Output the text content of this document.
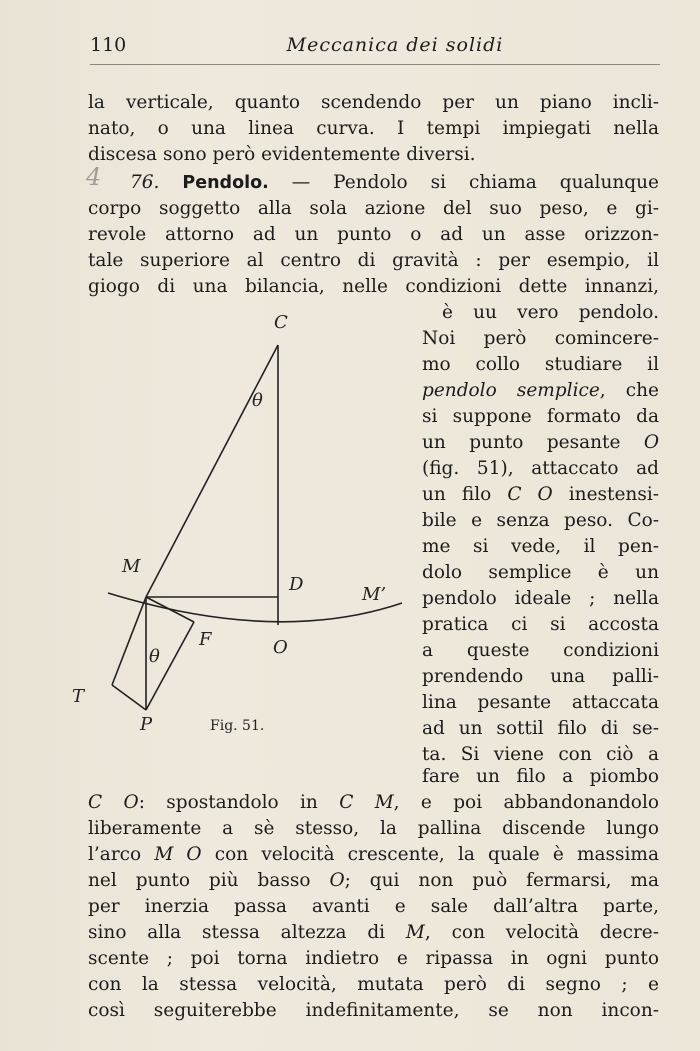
110	Meccanica dei solidi
la verticale, quanto scendendo per un piano incli-
nato, o una linea curva. I tempi impiegati nella
discesa sono però evidentemente diversi.
4 76. Pendolo. — Pendolo si chiama qualunque
corpo soggetto alla sola azione del suo peso, e gi-
revole attorno ad un punto o ad un asse orizzon-
tale superiore al centro di gravità : per esempio, il
giogo di una bilancia, nelle condizioni dette innanzi,
è uu vero pendolo.
Noi però comincere-
mo collo studiare il
pendolo semplice, che
si suppone formato da
un punto pesante O
(fig. 51), attaccato ad
un filo C O inestensi-
bile e senza peso. Co-
me si vede, il pen-
dolo semplice è un
pendolo ideale ; nella
pratica ci si accosta
a queste condizioni
prendendo una palli-
lina pesante attaccata
ad un sottil filo di se-
ta. Si viene con ciò a
fare un filo a piombo
C O: spostandolo in C M, e poi abbandonandolo
liberamente a sè stesso, la pallina discende lungo
l’arco M O con velocità crescente, la quale è massima
nel punto più basso O; qui non può fermarsi, ma
per inerzia passa avanti e sale dall’altra parte,
sino alla stessa altezza di M, con velocità decre-
scente ; poi torna indietro e ripassa in ogni punto
con la stessa velocità, mutata però di segno ; e
così seguiterebbe indefinitamente, se non incon-
C
θ
M
D	M’
F	O
θ
T
P	Fig. 51.
